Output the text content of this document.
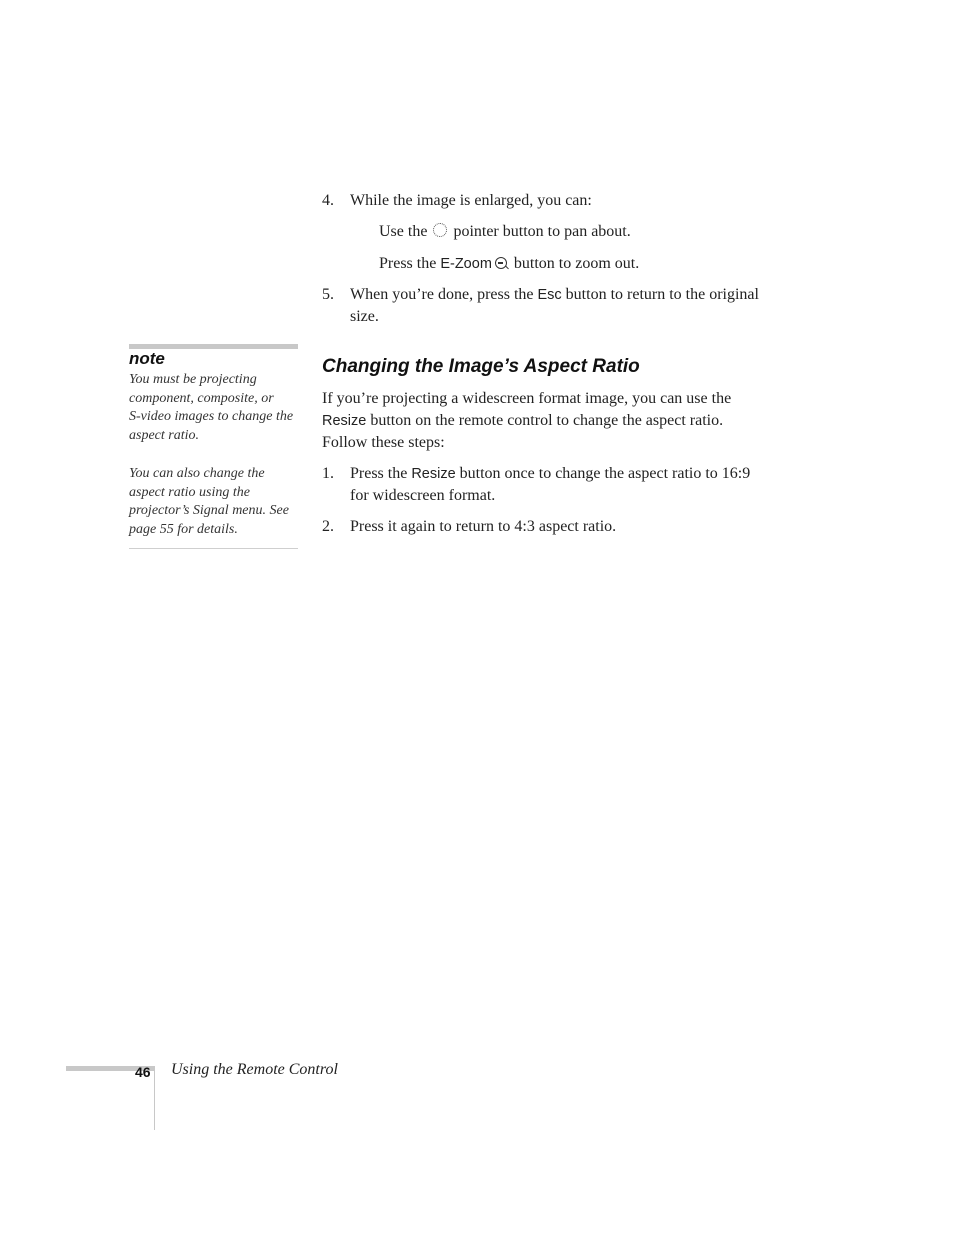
4. While the image is enlarged, you can:
Use the  pointer button to pan about.
Press the E-Zoom button to zoom out.
5. When you’re done, press the Esc button to return to the original
size.
Changing the Image’s Aspect Ratio
If you’re projecting a widescreen format image, you can use the
Resize button on the remote control to change the aspect ratio.
Follow these steps:
1. Press the Resize button once to change the aspect ratio to 16:9
for widescreen format.
2. Press it again to return to 4:3 aspect ratio.
note
You must be projecting
component, composite, or
S-video images to change the
aspect ratio.
You can also change the
aspect ratio using the
projector’s Signal menu. See
page 55 for details.
46 Using the Remote Control
